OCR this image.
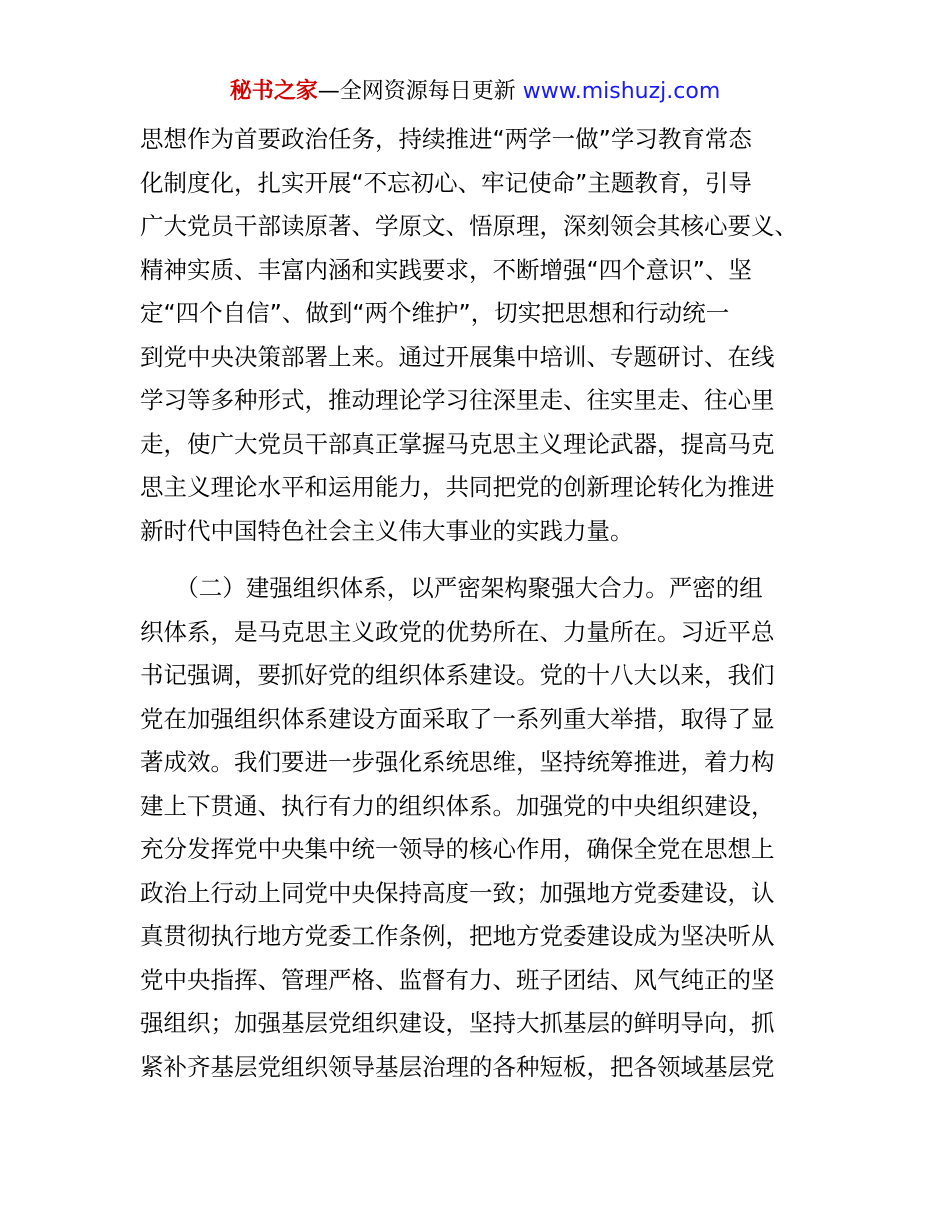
秘书之家—全网资源每日更新 www.mishuzj.com
思想作为首要政治任务，持续推进“两学一做”学习教育常态
化制度化，扎实开展“不忘初心、牢记使命”主题教育，引导
广大党员干部读原著、学原文、悟原理，深刻领会其核心要义、
精神实质、丰富内涵和实践要求，不断增强“四个意识”、坚
定“四个自信”、做到“两个维护”，切实把思想和行动统一
到党中央决策部署上来。通过开展集中培训、专题研讨、在线
学习等多种形式，推动理论学习往深里走、往实里走、往心里
走，使广大党员干部真正掌握马克思主义理论武器，提高马克
思主义理论水平和运用能力，共同把党的创新理论转化为推进
新时代中国特色社会主义伟大事业的实践力量。
　　（二）建强组织体系，以严密架构聚强大合力。严密的组
织体系，是马克思主义政党的优势所在、力量所在。习近平总
书记强调，要抓好党的组织体系建设。党的十八大以来，我们
党在加强组织体系建设方面采取了一系列重大举措，取得了显
著成效。我们要进一步强化系统思维，坚持统筹推进，着力构
建上下贯通、执行有力的组织体系。加强党的中央组织建设，
充分发挥党中央集中统一领导的核心作用，确保全党在思想上
政治上行动上同党中央保持高度一致；加强地方党委建设，认
真贯彻执行地方党委工作条例，把地方党委建设成为坚决听从
党中央指挥、管理严格、监督有力、班子团结、风气纯正的坚
强组织；加强基层党组织建设，坚持大抓基层的鲜明导向，抓
紧补齐基层党组织领导基层治理的各种短板，把各领域基层党
